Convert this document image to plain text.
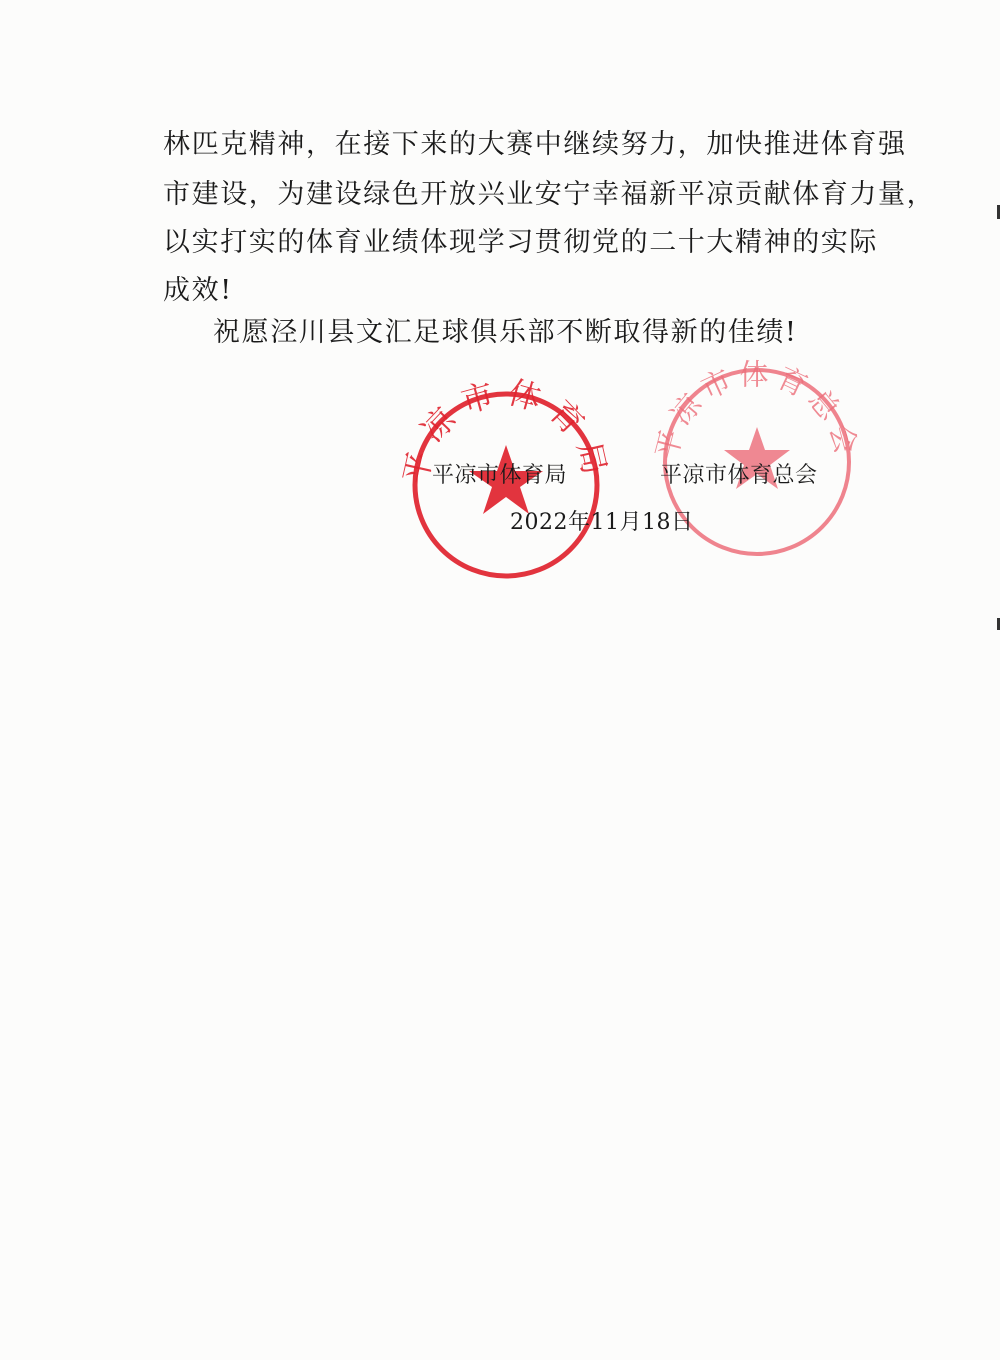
林匹克精神，在接下来的大赛中继续努力，加快推进体育强
市建设，为建设绿色开放兴业安宁幸福新平凉贡献体育力量，
以实打实的体育业绩体现学习贯彻党的二十大精神的实际
成效!
祝愿泾川县文汇足球俱乐部不断取得新的佳绩!
平凉市体育局 平凉市体育总会
平凉市体育局	平凉市体育总会
2022年11月18日
